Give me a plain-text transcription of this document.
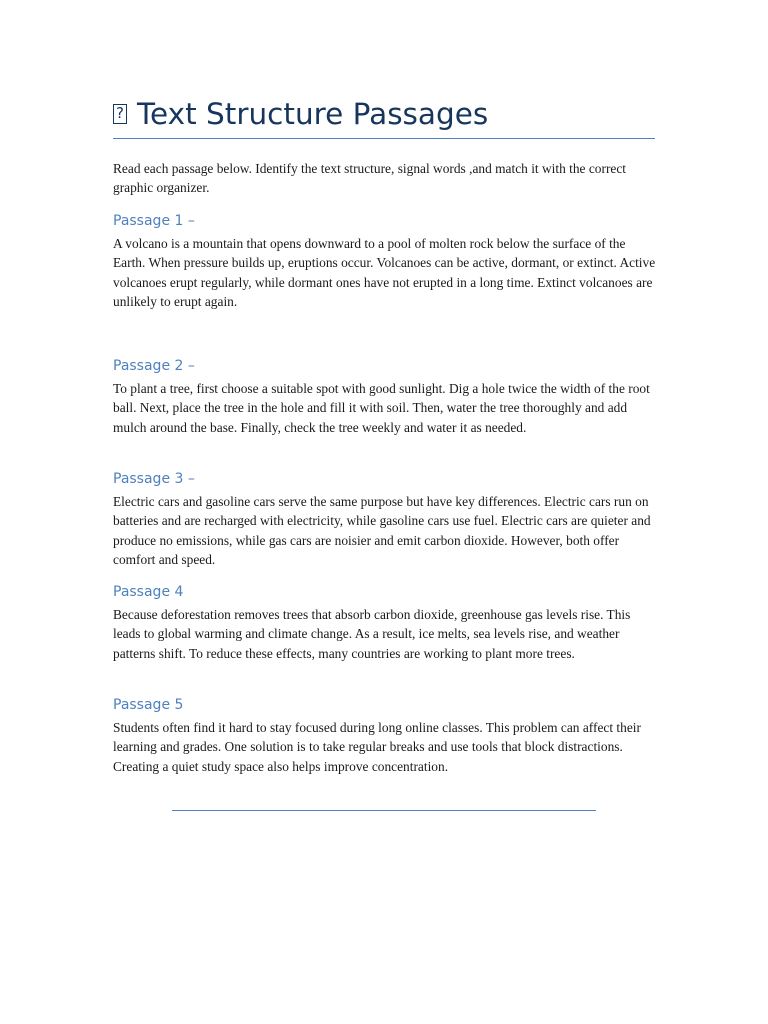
?
Text Structure Passages

Read each passage below. Identify the text structure, signal words ,and match it with the correct graphic organizer.

Passage 1 –

A volcano is a mountain that opens downward to a pool of molten rock below the surface of the Earth. When pressure builds up, eruptions occur. Volcanoes can be active, dormant, or extinct. Active volcanoes erupt regularly, while dormant ones have not erupted in a long time. Extinct volcanoes are unlikely to erupt again.

Passage 2 –

To plant a tree, first choose a suitable spot with good sunlight. Dig a hole twice the width of the root ball. Next, place the tree in the hole and fill it with soil. Then, water the tree thoroughly and add mulch around the base. Finally, check the tree weekly and water it as needed.

Passage 3 –

Electric cars and gasoline cars serve the same purpose but have key differences. Electric cars run on batteries and are recharged with electricity, while gasoline cars use fuel. Electric cars are quieter and produce no emissions, while gas cars are noisier and emit carbon dioxide. However, both offer comfort and speed.

Passage 4

Because deforestation removes trees that absorb carbon dioxide, greenhouse gas levels rise. This leads to global warming and climate change. As a result, ice melts, sea levels rise, and weather patterns shift. To reduce these effects, many countries are working to plant more trees.

Passage 5

Students often find it hard to stay focused during long online classes. This problem can affect their learning and grades. One solution is to take regular breaks and use tools that block distractions. Creating a quiet study space also helps improve concentration.
